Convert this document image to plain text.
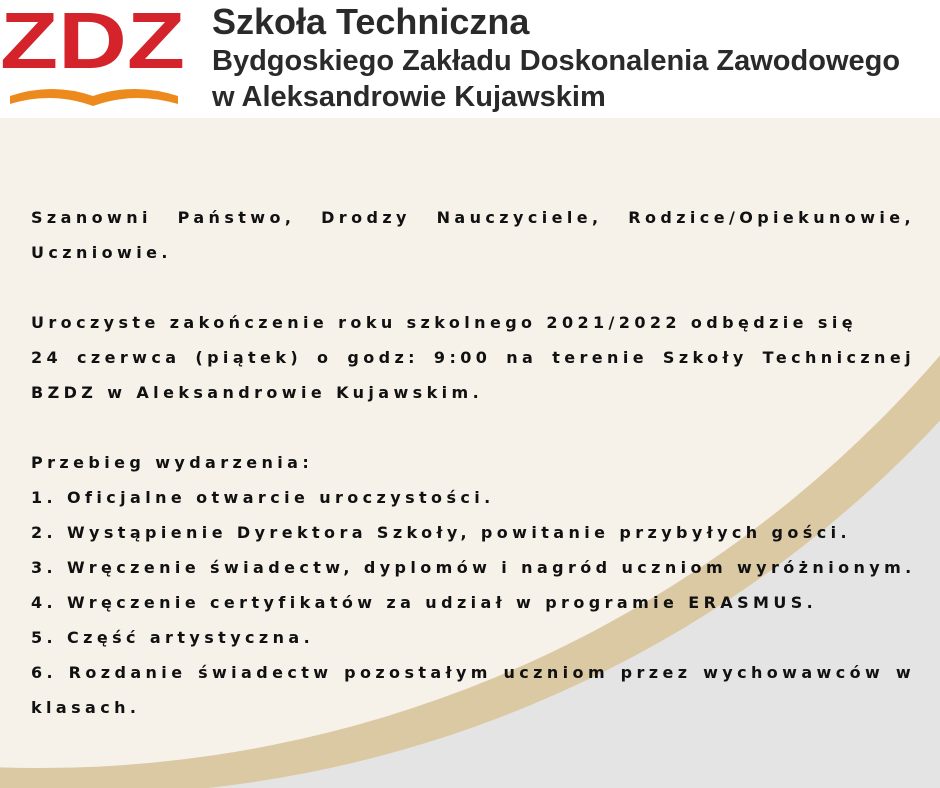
ZDZ Szkoła Techniczna
Bydgoskiego Zakładu Doskonalenia Zawodowego
w Aleksandrowie Kujawskim

Szanowni Państwo, Drodzy Nauczyciele, Rodzice/Opiekunowie, Uczniowie.

Uroczyste zakończenie roku szkolnego 2021/2022 odbędzie się

24 czerwca (piątek) o godz: 9:00 na terenie Szkoły Technicznej BZDZ w Aleksandrowie Kujawskim.

Przebieg wydarzenia:

1. Oficjalne otwarcie uroczystości.

2. Wystąpienie Dyrektora Szkoły, powitanie przybyłych gości.

3. Wręczenie świadectw, dyplomów i nagród uczniom wyróżnionym.

4. Wręczenie certyfikatów za udział w programie ERASMUS.

5. Część artystyczna.

6. Rozdanie świadectw pozostałym uczniom przez wychowawców w klasach.
